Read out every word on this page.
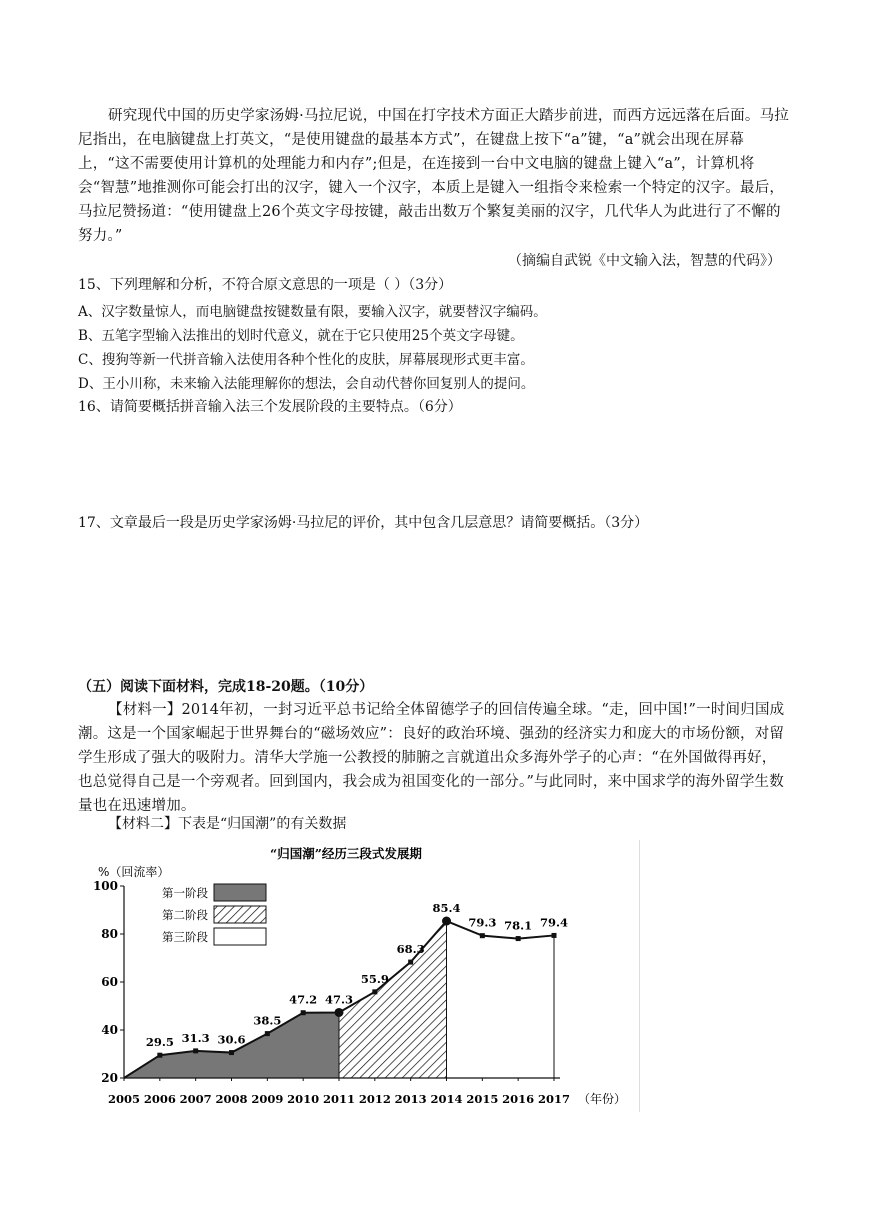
研究现代中国的历史学家汤姆·马拉尼说，中国在打字技术方面正大踏步前进，而西方远远落在后面。马拉尼指出，在电脑键盘上打英文，“是使用键盘的最基本方式”，在键盘上按下“a”键，“a”就会出现在屏幕上，“这不需要使用计算机的处理能力和内存”;但是，在连接到一台中文电脑的键盘上键入“a”，计算机将会“智慧”地推测你可能会打出的汉字，键入一个汉字，本质上是键入一组指令来检索一个特定的汉字。最后，马拉尼赞扬道：“使用键盘上26个英文字母按键，敲击出数万个繁复美丽的汉字，几代华人为此进行了不懈的努力。”
（摘编自武锐《中文输入法，智慧的代码》）
15、下列理解和分析，不符合原文意思的一项是（ ）（3分）
A、汉字数量惊人，而电脑键盘按键数量有限，要输入汉字，就要替汉字编码。
B、五笔字型输入法推出的划时代意义，就在于它只使用25个英文字母键。
C、搜狗等新一代拼音输入法使用各种个性化的皮肤，屏幕展现形式更丰富。
D、王小川称，未来输入法能理解你的想法，会自动代替你回复别人的提问。
16、请简要概括拼音输入法三个发展阶段的主要特点。（6分）
17、文章最后一段是历史学家汤姆·马拉尼的评价，其中包含几层意思？请简要概括。（3分）
（五）阅读下面材料，完成18-20题。（10分）
【材料一】2014年初，一封习近平总书记给全体留德学子的回信传遍全球。“走，回中国!”一时间归国成潮。这是一个国家崛起于世界舞台的“磁场效应”：良好的政治环境、强劲的经济实力和庞大的市场份额，对留学生形成了强大的吸附力。清华大学施一公教授的肺腑之言就道出众多海外学子的心声：“在外国做得再好，也总觉得自己是一个旁观者。回到国内，我会成为祖国变化的一部分。”与此同时，来中国求学的海外留学生数量也在迅速增加。
【材料二】下表是“归国潮”的有关数据
“归国潮”经历三段式发展期
%（回流率）
（年份）
20
40
60
80
100
2005 2006 2007 2008 2009 2010 2011 2012 2013 2014 2015 2016 2017
29.5 31.3 30.6
38.5
47.2 47.3
55.9
68.3
85.4
79.3 78.1 79.4
第一阶段
第二阶段
第三阶段
